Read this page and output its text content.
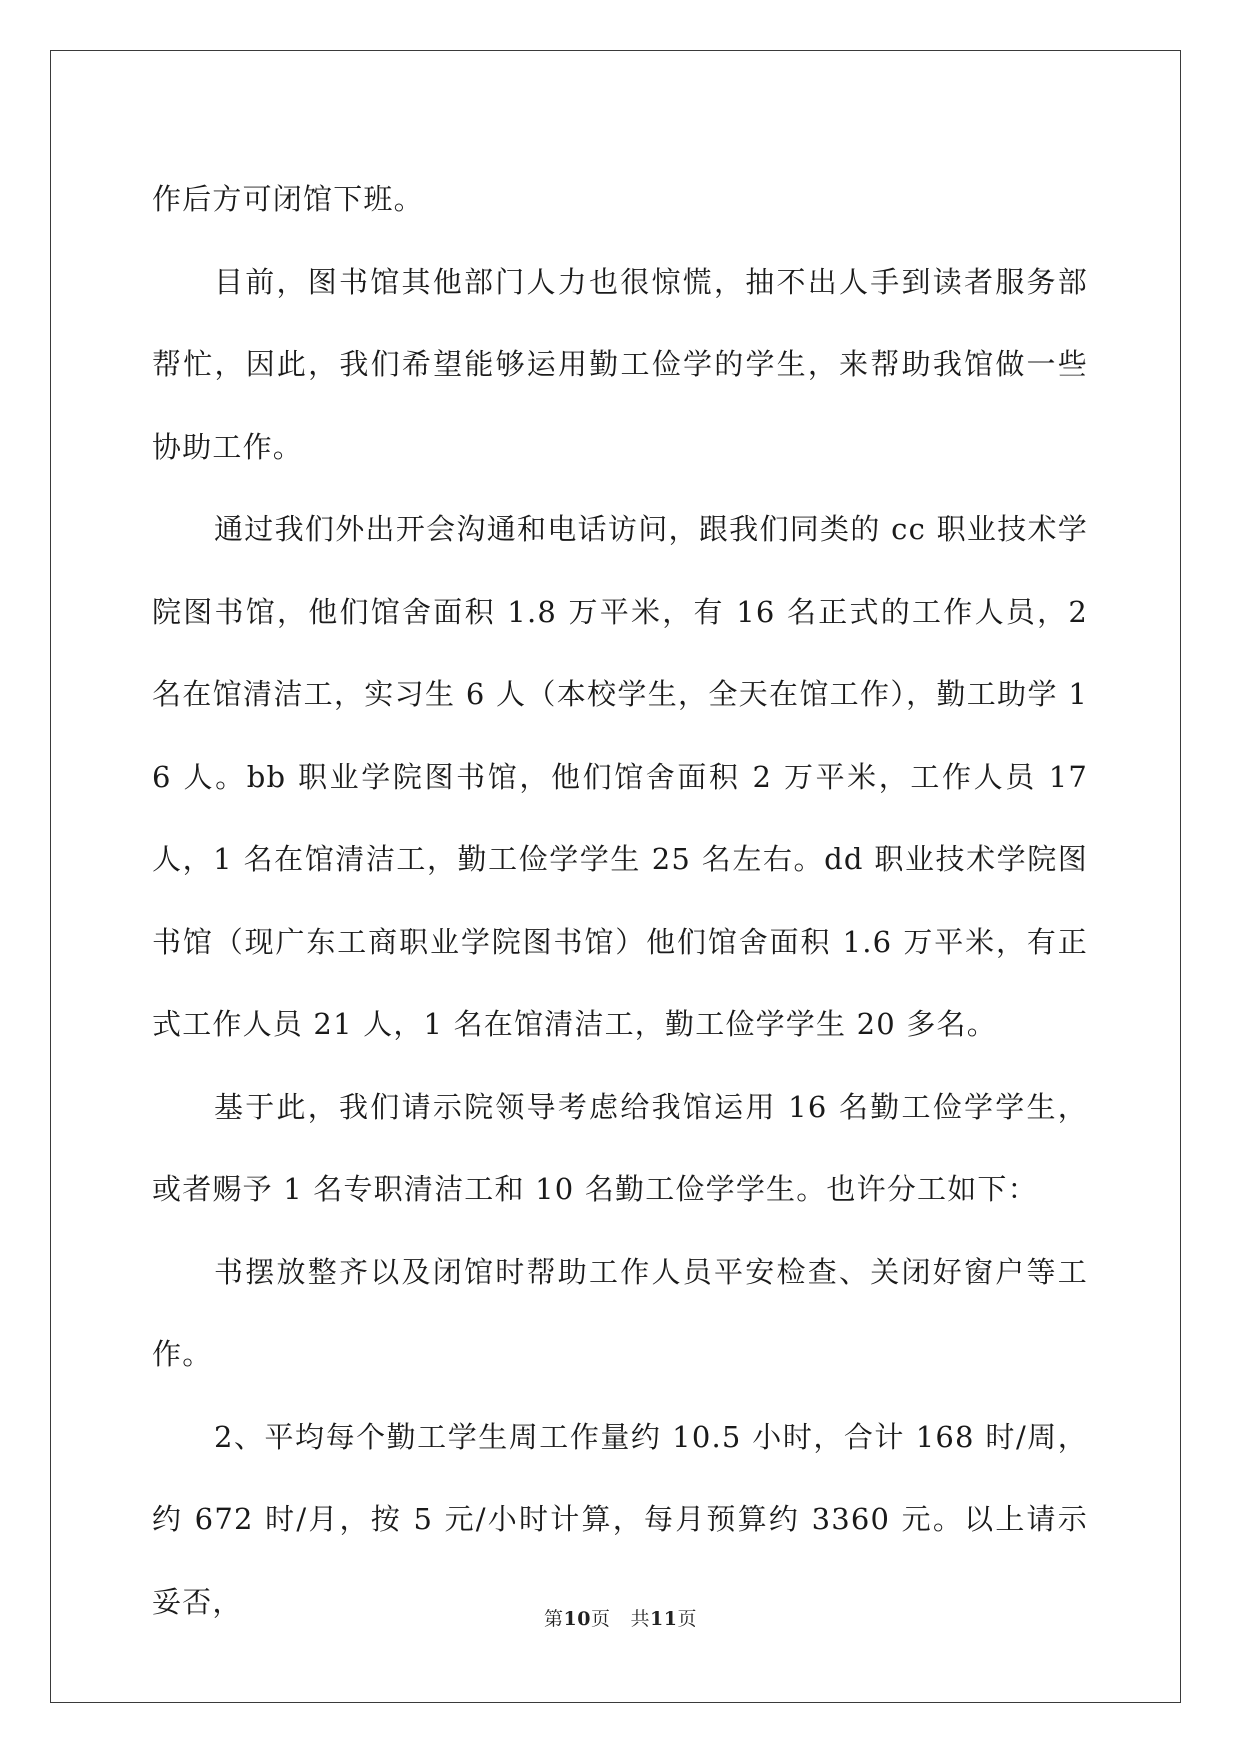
作后方可闭馆下班。

目前，图书馆其他部门人力也很惊慌，抽不出人手到读者服务部帮忙，因此，我们希望能够运用勤工俭学的学生，来帮助我馆做一些协助工作。

通过我们外出开会沟通和电话访问，跟我们同类的 cc 职业技术学院图书馆，他们馆舍面积 1.8 万平米，有 16 名正式的工作人员，2 名在馆清洁工，实习生 6 人（本校学生，全天在馆工作），勤工助学 16 人。bb 职业学院图书馆，他们馆舍面积 2 万平米，工作人员 17 人，1 名在馆清洁工，勤工俭学学生 25 名左右。dd 职业技术学院图书馆（现广东工商职业学院图书馆）他们馆舍面积 1.6 万平米，有正式工作人员 21 人，1 名在馆清洁工，勤工俭学学生 20 多名。

基于此，我们请示院领导考虑给我馆运用 16 名勤工俭学学生，或者赐予 1 名专职清洁工和 10 名勤工俭学学生。也许分工如下：

书摆放整齐以及闭馆时帮助工作人员平安检查、关闭好窗户等工作。

2、平均每个勤工学生周工作量约 10.5 小时，合计 168 时/周，约 672 时/月，按 5 元/小时计算，每月预算约 3360 元。以上请示妥否，

第10页 共11页
